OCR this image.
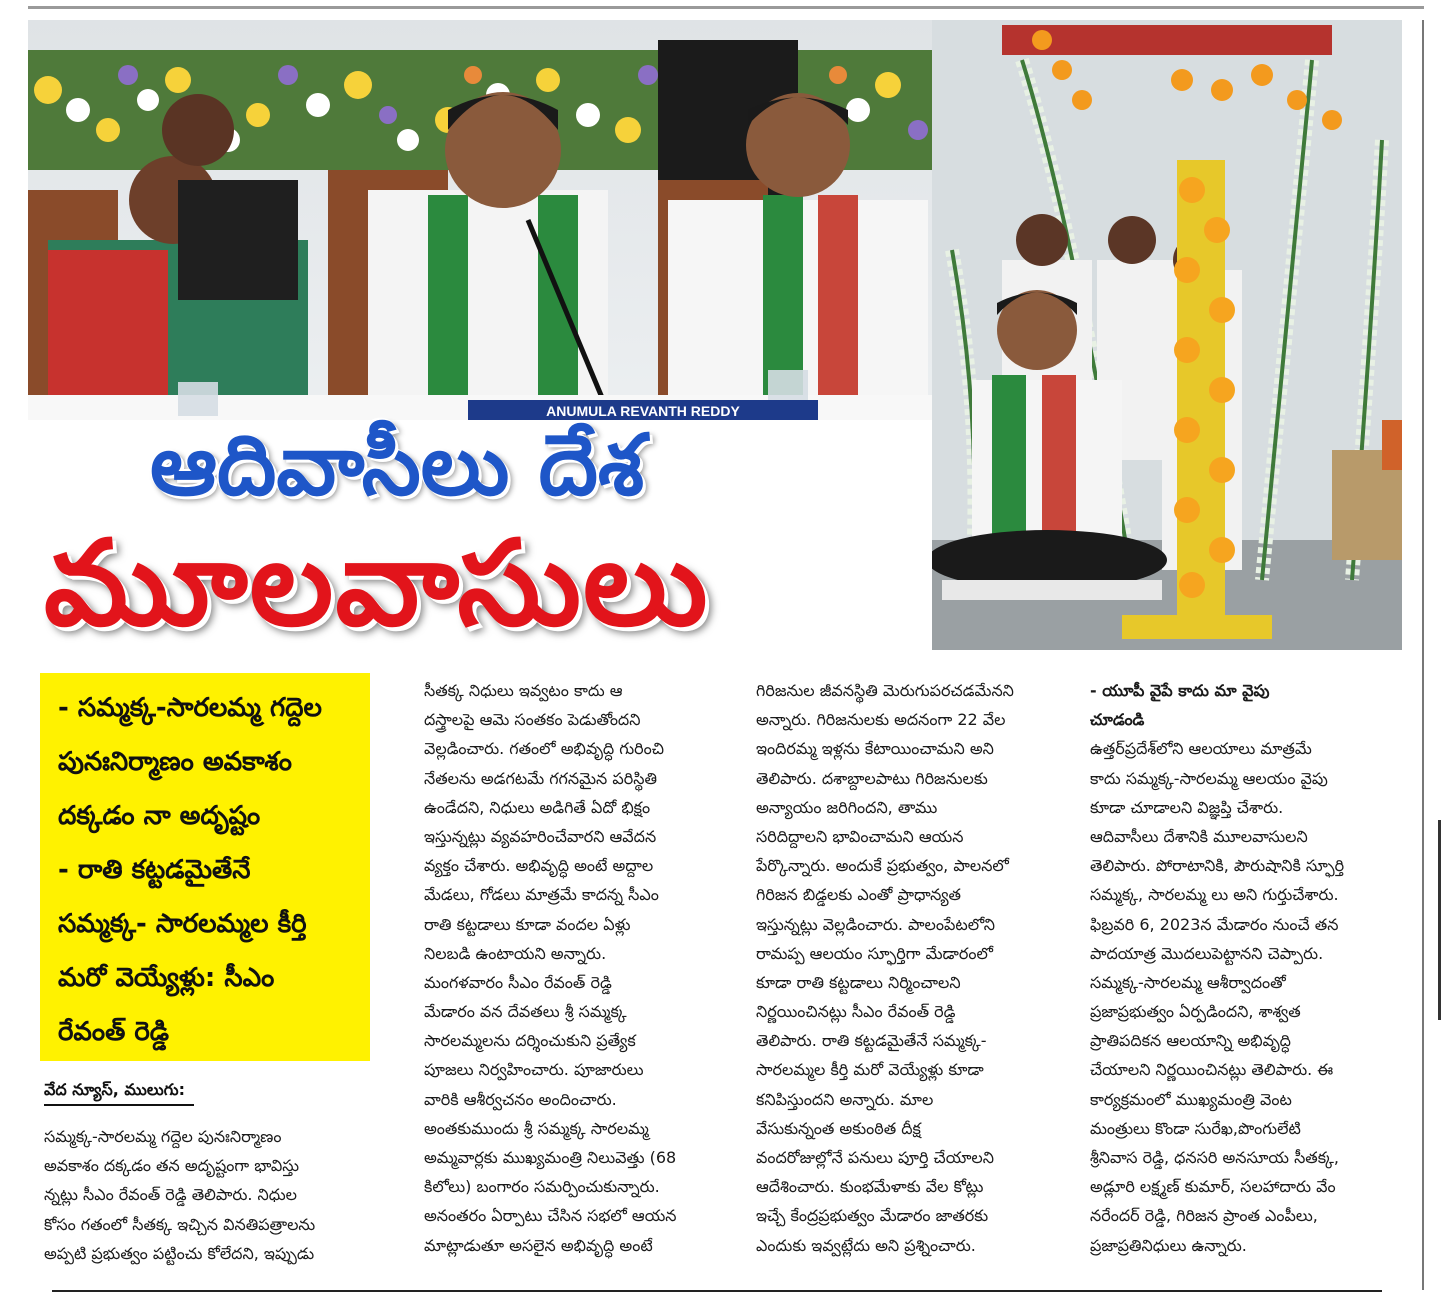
ANUMULA REVANTH REDDY
ఆదివాసీలు దేశ
మూలవాసులు
- సమ్మక్క-సారలమ్మ గద్దెల
పునఃనిర్మాణం అవకాశం
దక్కడం నా అదృష్టం
- రాతి కట్టడమైతేనే
సమ్మక్క- సారలమ్మల కీర్తి
మరో వెయ్యేళ్లు: సీఎం
రేవంత్ రెడ్డి
వేద న్యూస్, ములుగు:
సమ్మక్క-సారలమ్మ గద్దెల పునఃనిర్మాణం
అవకాశం దక్కడం తన అదృష్టంగా భావిస్తు
న్నట్లు సీఎం రేవంత్ రెడ్డి తెలిపారు. నిధుల
కోసం గతంలో సీతక్క ఇచ్చిన వినతిపత్రాలను
అప్పటి ప్రభుత్వం పట్టించు కోలేదని, ఇప్పుడు
సీతక్క నిధులు ఇవ్వటం కాదు ఆ
దస్త్రాలపై ఆమె సంతకం పెడుతోందని
వెల్లడించారు. గతంలో అభివృద్ధి గురించి
నేతలను అడగటమే గగనమైన పరిస్థితి
ఉండేదని, నిధులు అడిగితే ఏదో భిక్షం
ఇస్తున్నట్లు వ్యవహరించేవారని ఆవేదన
వ్యక్తం చేశారు. అభివృద్ధి అంటే అద్దాల
మేడలు, గోడలు మాత్రమే కాదన్న సీఎం
రాతి కట్టడాలు కూడా వందల ఏళ్లు
నిలబడి ఉంటాయని అన్నారు.
మంగళవారం సీఎం రేవంత్ రెడ్డి
మేడారం వన దేవతలు శ్రీ సమ్మక్క
సారలమ్మలను దర్శించుకుని ప్రత్యేక
పూజలు నిర్వహించారు. పూజారులు
వారికి ఆశీర్వచనం అందించారు.
అంతకుముందు శ్రీ సమ్మక్క సారలమ్మ
అమ్మవార్లకు ముఖ్యమంత్రి నిలువెత్తు (68
కిలోలు) బంగారం సమర్పించుకున్నారు.
అనంతరం ఏర్పాటు చేసిన సభలో ఆయన
మాట్లాడుతూ అసలైన అభివృద్ధి అంటే
గిరిజనుల జీవనస్థితి మెరుగుపరచడమేనని
అన్నారు. గిరిజనులకు అదనంగా 22 వేల
ఇందిరమ్మ ఇళ్లను కేటాయించామని అని
తెలిపారు. దశాబ్దాలపాటు గిరిజనులకు
అన్యాయం జరిగిందని, తాము
సరిదిద్దాలని భావించామని ఆయన
పేర్కొన్నారు. అందుకే ప్రభుత్వం, పాలనలో
గిరిజన బిడ్డలకు ఎంతో ప్రాధాన్యత
ఇస్తున్నట్లు వెల్లడించారు. పాలంపేటలోని
రామప్ప ఆలయం స్ఫూర్తిగా మేడారంలో
కూడా రాతి కట్టడాలు నిర్మించాలని
నిర్ణయించినట్లు సీఎం రేవంత్ రెడ్డి
తెలిపారు. రాతి కట్టడమైతేనే సమ్మక్క-
సారలమ్మల కీర్తి మరో వెయ్యేళ్లు కూడా
కనిపిస్తుందని అన్నారు. మాల
వేసుకున్నంత అకుంఠిత దీక్ష
వందరోజుల్లోనే పనులు పూర్తి చేయాలని
ఆదేశించారు. కుంభమేళాకు వేల కోట్లు
ఇచ్చే కేంద్రప్రభుత్వం మేడారం జాతరకు
ఎందుకు ఇవ్వట్లేదు అని ప్రశ్నించారు.
- యూపీ వైపే కాదు మా వైపు
చూడండి
ఉత్తర్‌ప్రదేశ్‌లోని ఆలయాలు మాత్రమే
కాదు సమ్మక్క-సారలమ్మ ఆలయం వైపు
కూడా చూడాలని విజ్ఞప్తి చేశారు.
ఆదివాసీలు దేశానికి మూలవాసులని
తెలిపారు. పోరాటానికి, పౌరుషానికి స్ఫూర్తి
సమ్మక్క, సారలమ్మ లు అని గుర్తుచేశారు.
ఫిబ్రవరి 6, 2023న మేడారం నుంచే తన
పాదయాత్ర మొదలుపెట్టానని చెప్పారు.
సమ్మక్క-సారలమ్మ ఆశీర్వాదంతో
ప్రజాప్రభుత్వం ఏర్పడిందని, శాశ్వత
ప్రాతిపదికన ఆలయాన్ని అభివృద్ధి
చేయాలని నిర్ణయించినట్లు తెలిపారు. ఈ
కార్యక్రమంలో ముఖ్యమంత్రి వెంట
మంత్రులు కొండా సురేఖ,పొంగులేటి
శ్రీనివాస రెడ్డి, ధనసరి అనసూయ సీతక్క,
అడ్లూరి లక్ష్మణ్ కుమార్, సలహాదారు వేం
నరేందర్ రెడ్డి, గిరిజన ప్రాంత ఎంపీలు,
ప్రజాప్రతినిధులు ఉన్నారు.
